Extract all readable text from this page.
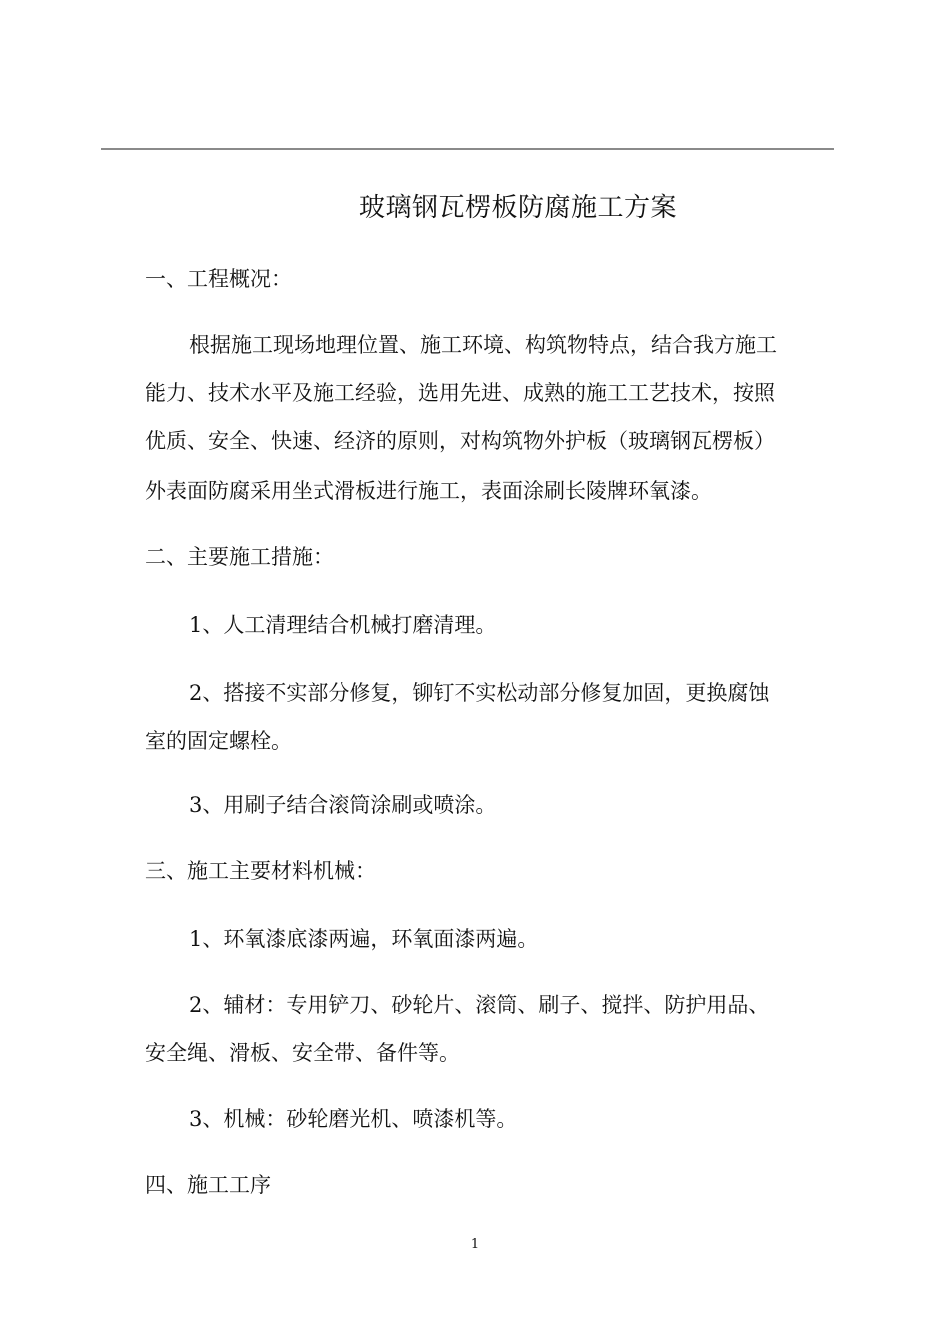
玻璃钢瓦楞板防腐施工方案
一、工程概况：
根据施工现场地理位置、施工环境、构筑物特点，结合我方施工
能力、技术水平及施工经验，选用先进、成熟的施工工艺技术，按照
优质、安全、快速、经济的原则，对构筑物外护板（玻璃钢瓦楞板）
外表面防腐采用坐式滑板进行施工，表面涂刷长陵牌环氧漆。
二、主要施工措施：
1、人工清理结合机械打磨清理。
2、搭接不实部分修复，铆钉不实松动部分修复加固，更换腐蚀
室的固定螺栓。
3、用刷子结合滚筒涂刷或喷涂。
三、施工主要材料机械：
1、环氧漆底漆两遍，环氧面漆两遍。
2、辅材：专用铲刀、砂轮片、滚筒、刷子、搅拌、防护用品、
安全绳、滑板、安全带、备件等。
3、机械：砂轮磨光机、喷漆机等。
四、施工工序
1
